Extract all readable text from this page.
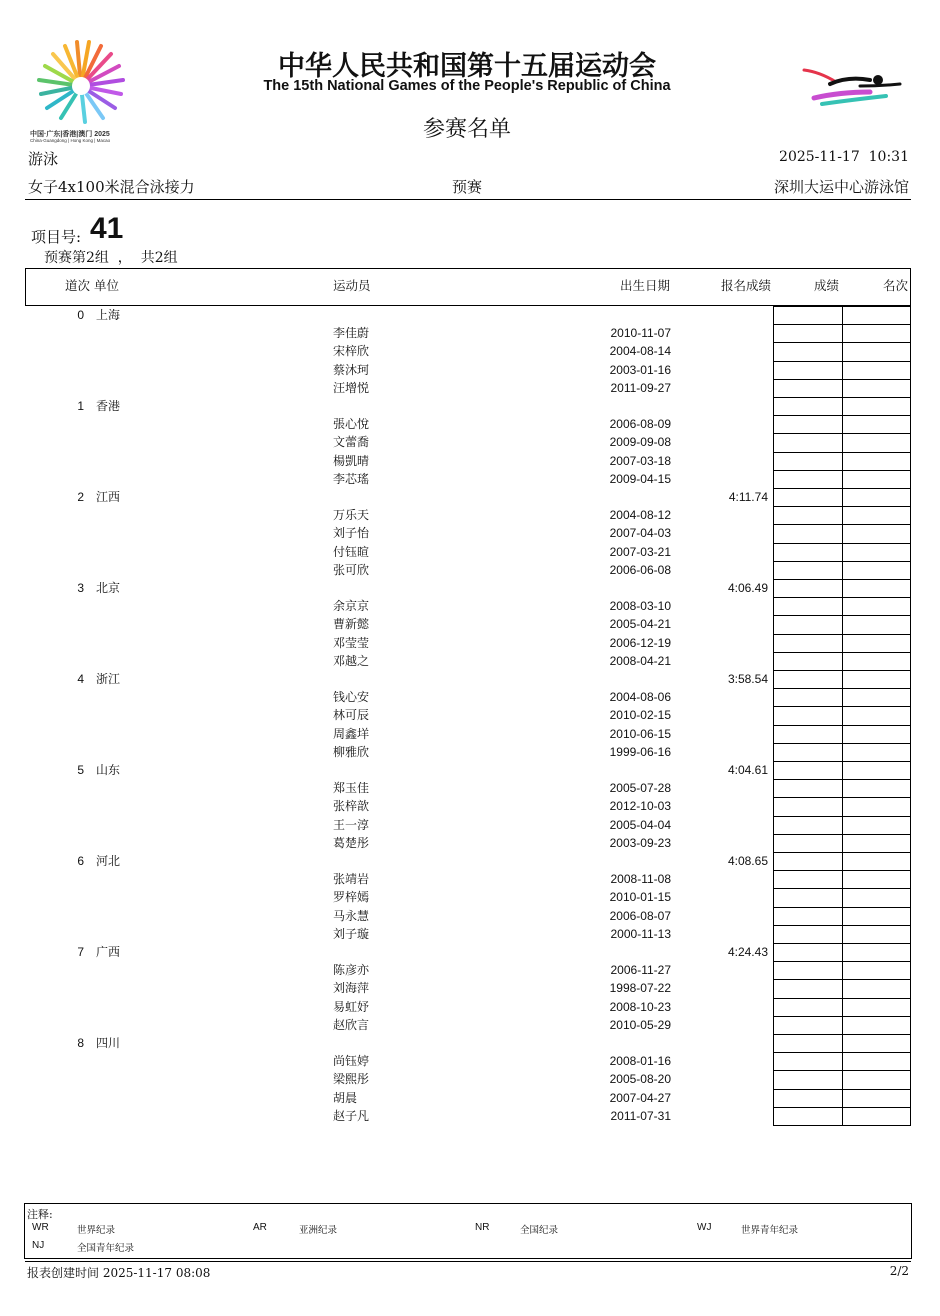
中国·广东|香港|澳门 2025
China·Guangdong | Hong Kong | Macao
中华人民共和国第十五届运动会
The 15th National Games of the People's Republic of China
参赛名单
游泳	2025-11-17  10:31
女子4x100米混合泳接力	预赛	深圳大运中心游泳馆
项目号: 41
预赛第2组  ，  共2组
道次 单位	运动员	出生日期	报名成绩	成绩	名次
0 上海
李佳蔚	2010-11-07
宋梓欣	2004-08-14
蔡沐珂	2003-01-16
汪增悦	2011-09-27
1 香港
張心悅	2006-08-09
文蕾喬	2009-09-08
楊凱晴	2007-03-18
李芯瑤	2009-04-15
2 江西	4:11.74
万乐天	2004-08-12
刘子怡	2007-04-03
付钰暄	2007-03-21
张可欣	2006-06-08
3 北京	4:06.49
余京京	2008-03-10
曹新懿	2005-04-21
邓莹莹	2006-12-19
邓越之	2008-04-21
4 浙江	3:58.54
钱心安	2004-08-06
林可辰	2010-02-15
周鑫垟	2010-06-15
柳雅欣	1999-06-16
5 山东	4:04.61
郑玉佳	2005-07-28
张梓歆	2012-10-03
王一淳	2005-04-04
葛楚彤	2003-09-23
6 河北	4:08.65
张靖岩	2008-11-08
罗梓嫣	2010-01-15
马永慧	2006-08-07
刘子璇	2000-11-13
7 广西	4:24.43
陈彦亦	2006-11-27
刘海萍	1998-07-22
易虹妤	2008-10-23
赵欣言	2010-05-29
8 四川
尚钰婷	2008-01-16
梁熙彤	2005-08-20
胡晨	2007-04-27
赵子凡	2011-07-31
注释:
WR	世界纪录	AR	亚洲纪录	NR	全国纪录	WJ	世界青年纪录
NJ	全国青年纪录
报表创建时间 2025-11-17 08:08	2/2
